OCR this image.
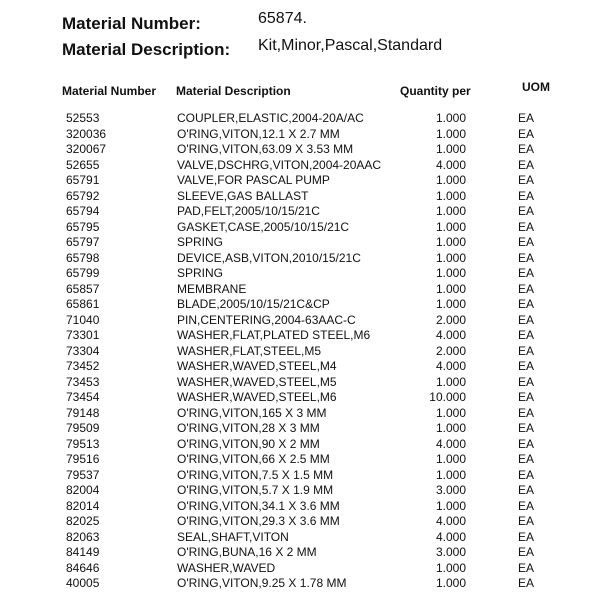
Material Number:	65874.
Material Description: Kit,Minor,Pascal,Standard
Material Number Material Description	Quantity per	UOM
52553	COUPLER,ELASTIC,2004-20A/AC	1.000	EA
320036	O'RING,VITON,12.1 X 2.7 MM	1.000	EA
320067	O'RING,VITON,63.09 X 3.53 MM	1.000	EA
52655	VALVE,DSCHRG,VITON,2004-20AAC	4.000	EA
65791	VALVE,FOR PASCAL PUMP	1.000	EA
65792	SLEEVE,GAS BALLAST	1.000	EA
65794	PAD,FELT,2005/10/15/21C	1.000	EA
65795	GASKET,CASE,2005/10/15/21C	1.000	EA
65797	SPRING	1.000	EA
65798	DEVICE,ASB,VITON,2010/15/21C	1.000	EA
65799	SPRING	1.000	EA
65857	MEMBRANE	1.000	EA
65861	BLADE,2005/10/15/21C&CP	1.000	EA
71040	PIN,CENTERING,2004-63AAC-C	2.000	EA
73301	WASHER,FLAT,PLATED STEEL,M6	4.000	EA
73304	WASHER,FLAT,STEEL,M5	2.000	EA
73452	WASHER,WAVED,STEEL,M4	4.000	EA
73453	WASHER,WAVED,STEEL,M5	1.000	EA
73454	WASHER,WAVED,STEEL,M6	10.000	EA
79148	O'RING,VITON,165 X 3 MM	1.000	EA
79509	O'RING,VITON,28 X 3 MM	1.000	EA
79513	O'RING,VITON,90 X 2 MM	4.000	EA
79516	O'RING,VITON,66 X 2.5 MM	1.000	EA
79537	O'RING,VITON,7.5 X 1.5 MM	1.000	EA
82004	O'RING,VITON,5.7 X 1.9 MM	3.000	EA
82014	O'RING,VITON,34.1 X 3.6 MM	1.000	EA
82025	O'RING,VITON,29.3 X 3.6 MM	4.000	EA
82063	SEAL,SHAFT,VITON	4.000	EA
84149	O'RING,BUNA,16 X 2 MM	3.000	EA
84646	WASHER,WAVED	1.000	EA
40005	O'RING,VITON,9.25 X 1.78 MM	1.000	EA
